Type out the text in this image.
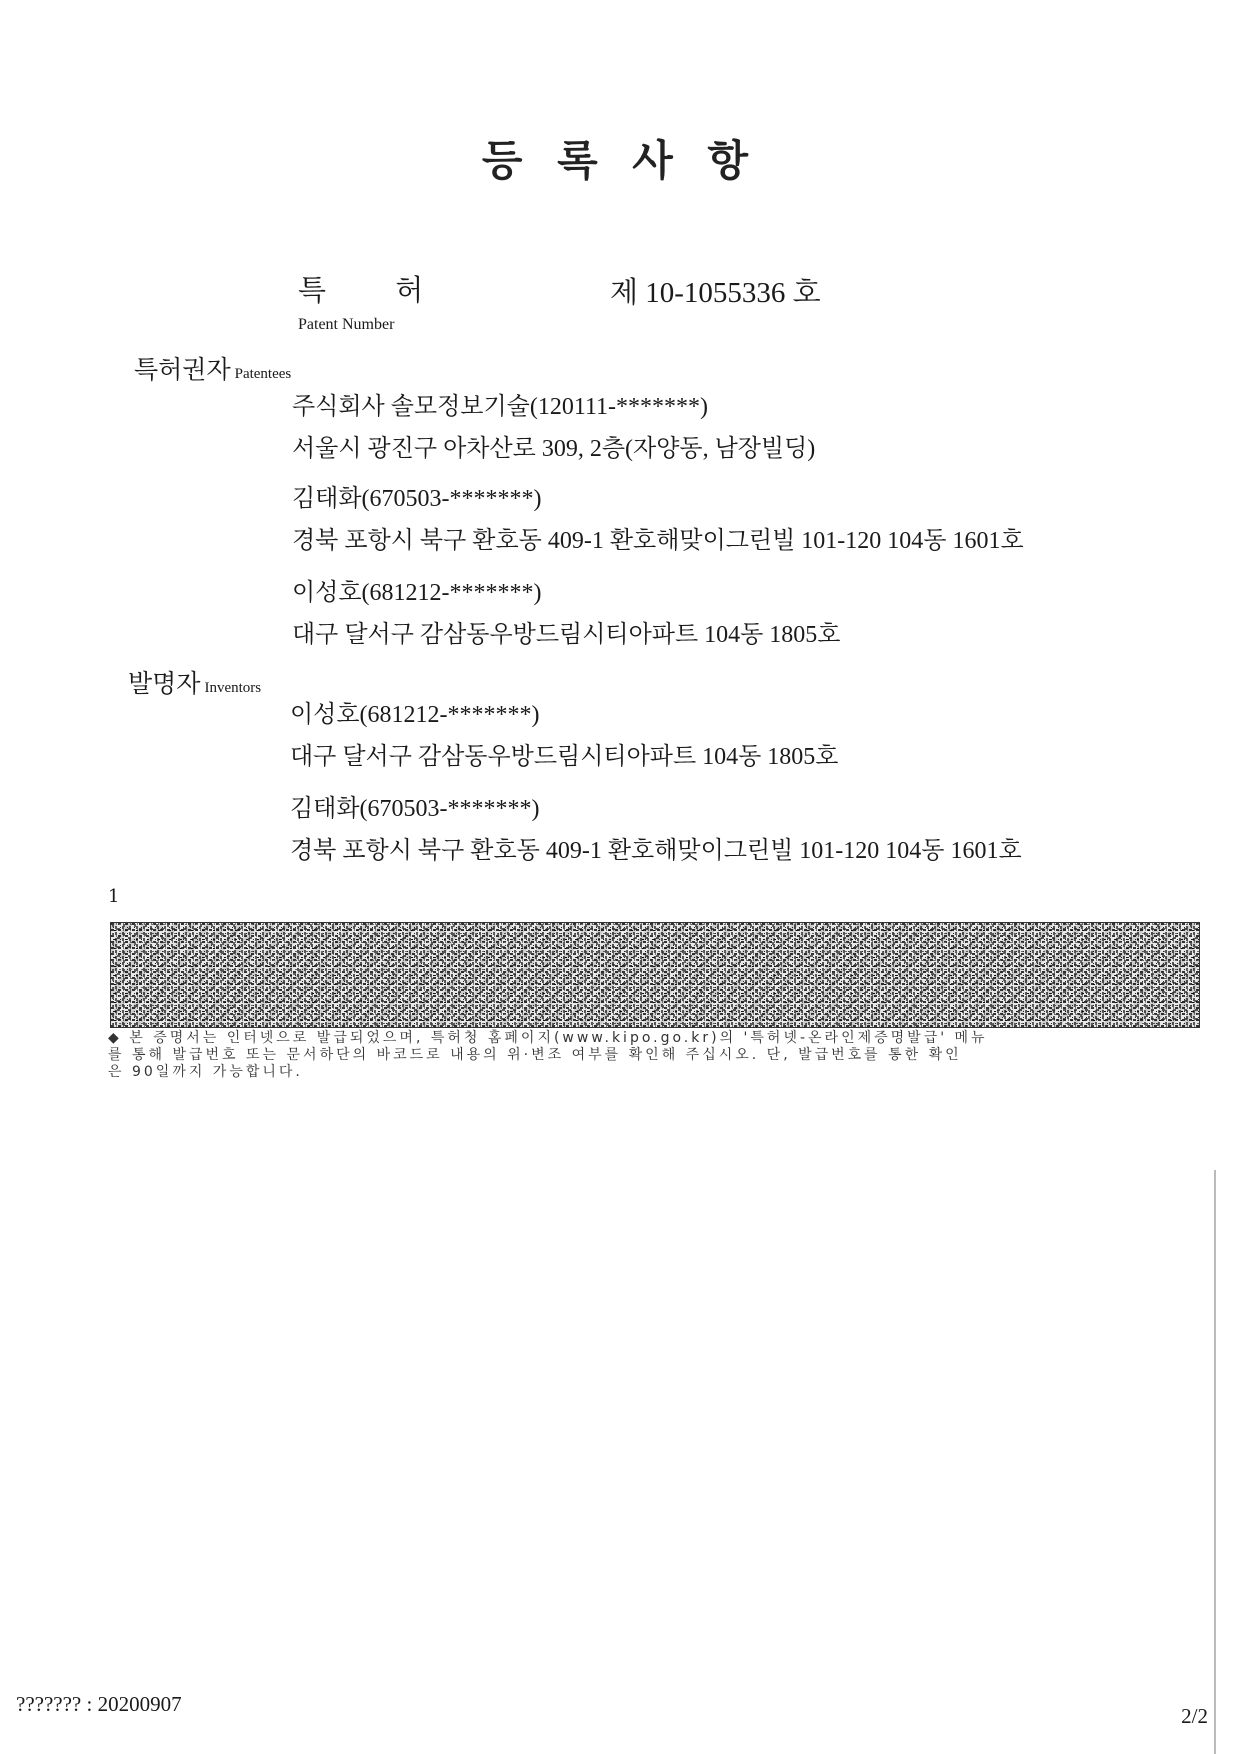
등 록 사 항
특 허
Patent Number
제 10-1055336 호
특허권자 Patentees
주식회사 솔모정보기술(120111-*******)
서울시 광진구 아차산로 309, 2층(자양동, 남장빌딩)
김태화(670503-*******)
경북 포항시 북구 환호동 409-1 환호해맞이그린빌 101-120 104동 1601호
이성호(681212-*******)
대구 달서구 감삼동우방드림시티아파트 104동 1805호
발명자 Inventors
이성호(681212-*******)
대구 달서구 감삼동우방드림시티아파트 104동 1805호
김태화(670503-*******)
경북 포항시 북구 환호동 409-1 환호해맞이그린빌 101-120 104동 1601호
1
◆ 본 증명서는 인터넷으로 발급되었으며, 특허청 홈페이지(www.kipo.go.kr)의 '특허넷-온라인제증명발급' 메뉴
를 통해 발급번호 또는 문서하단의 바코드로 내용의 위·변조 여부를 확인해 주십시오. 단, 발급번호를 통한 확인
은 90일까지 가능합니다.
??????? : 20200907	2/2
